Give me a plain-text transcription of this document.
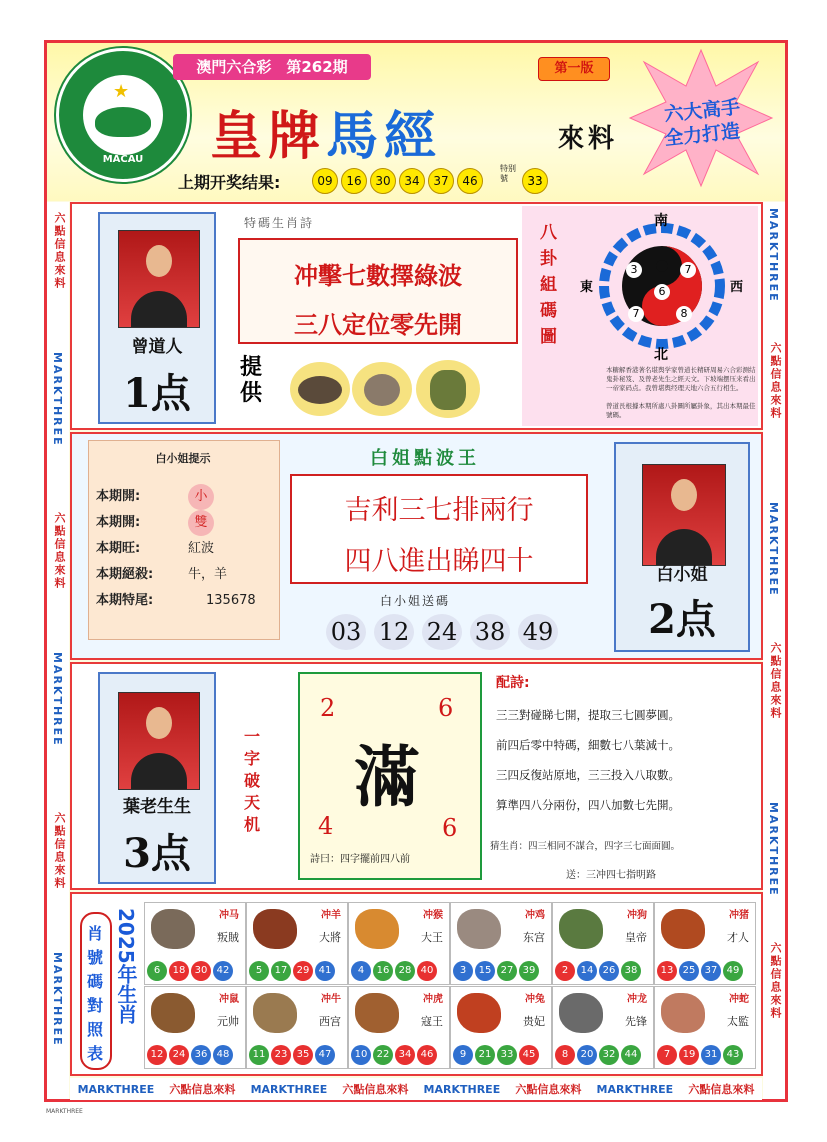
★
MACAU
澳門六合彩　第262期	第一版
皇牌馬經	來料
六大高手
全力打造
上期开奖结果:	09	16	30	34	37	46
特别號	33
六點信息來料
MARKTHREE
六點信息來料
MARKTHREE
六點信息來料
MARKTHREE
MARKTHREE
六點信息來料
MARKTHREE
六點信息來料
MARKTHREE
六點信息來料
曾道人
1点
特碼生肖詩
冲擊七數擇綠波
三八定位零先開
提供
八卦組碼圖
南
北
東	西
3	7
6
7	8
本糖解香港著名堪舆学家曾道长精研周易六合彩测结鬼卦秘笈、及曾老先生之經天文。下坡端摆压来看出一帝家码点。我曾堪舆经理天地六合五行相生。
曾道長根據本期所處八卦圖所屬卦象，其出本期最佳號碼。
白小姐提示
本期開:	小
本期開:	雙
本期旺:	紅波
本期絕殺:	牛，羊
本期特尾:	135678
白姐點波王
吉利三七排兩行
四八進出睇四十
白小姐送碼
03 12 24 38 49
白小姐
2点
葉老生生
3点
一字破天机
2	6
滿
4	6
詩曰：四字擺前四八前
配詩:
三三對碰睇七開，提取三七圓夢圓。
前四后零中特碼，細數七八葉減十。
三四反復站原地，三三投入八取數。
算準四八分兩份，四八加數七先開。
猜生肖：四三相同不謀合，四字三七面面圓。
送：三冲四七指明路
肖號碼對照表
2025年生肖	冲马
叛賊
6	18 30 42
冲羊
大將
5	17 29 41
冲猴
大王
4	16 28 40
冲鸡
东宫
3	15 27 39
冲狗
皇帝
2	14 26 38
冲猪
才人
13 25 37 49
冲鼠
元帅
12 24 36 48
冲牛
西宫
11 23 35 47
冲虎
寇王
10 22 34 46
冲兔
贵妃
9	21 33 45
冲龙
先锋
8	20 32 44
冲蛇
太監
7	19 31 43
MARKTHREE 六點信息來料 MARKTHREE 六點信息來料 MARKTHREE 六點信息來料 MARKTHREE 六點信息來料
MARKTHREE
